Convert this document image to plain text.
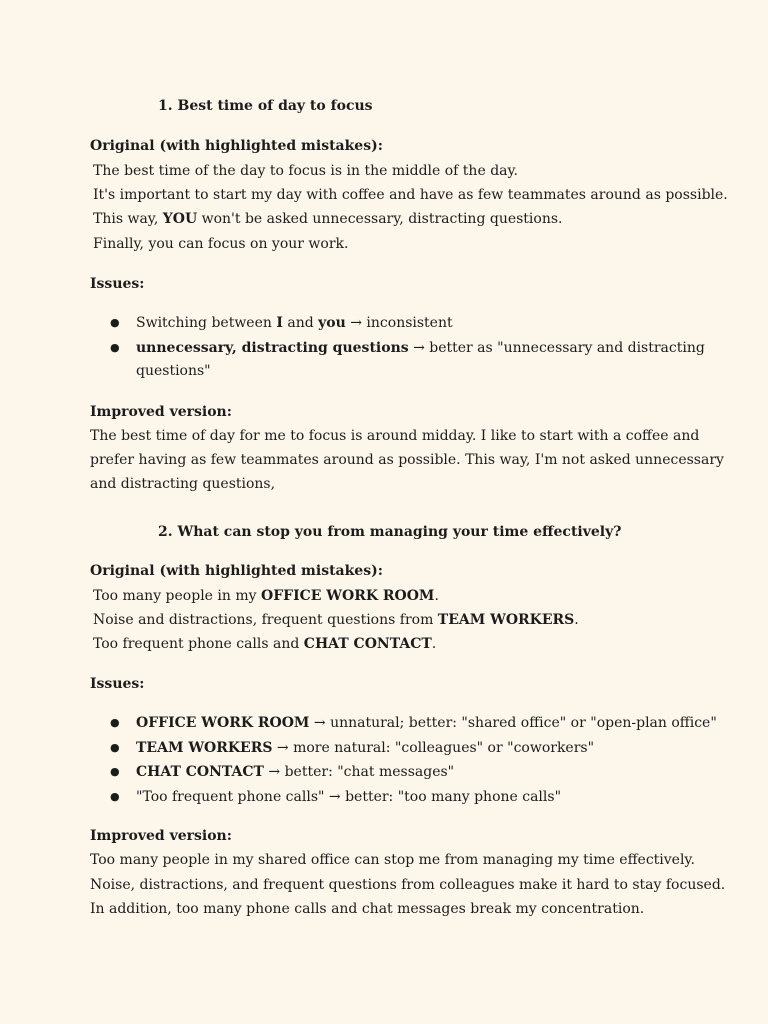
1. Best time of day to focus
Original (with highlighted mistakes):
The best time of the day to focus is in the middle of the day.
It's important to start my day with coffee and have as few teammates around as possible.
This way, YOU won't be asked unnecessary, distracting questions.
Finally, you can focus on your work.
Issues:
● Switching between I and you → inconsistent
● unnecessary, distracting questions → better as "unnecessary and distracting
questions"
Improved version:
The best time of day for me to focus is around midday. I like to start with a coffee and
prefer having as few teammates around as possible. This way, I'm not asked unnecessary
and distracting questions,
2. What can stop you from managing your time effectively?
Original (with highlighted mistakes):
Too many people in my OFFICE WORK ROOM.
Noise and distractions, frequent questions from TEAM WORKERS.
Too frequent phone calls and CHAT CONTACT.
Issues:
● OFFICE WORK ROOM → unnatural; better: "shared office" or "open-plan office"
● TEAM WORKERS → more natural: "colleagues" or "coworkers"
● CHAT CONTACT → better: "chat messages"
● "Too frequent phone calls" → better: "too many phone calls"
Improved version:
Too many people in my shared office can stop me from managing my time effectively.
Noise, distractions, and frequent questions from colleagues make it hard to stay focused.
In addition, too many phone calls and chat messages break my concentration.
